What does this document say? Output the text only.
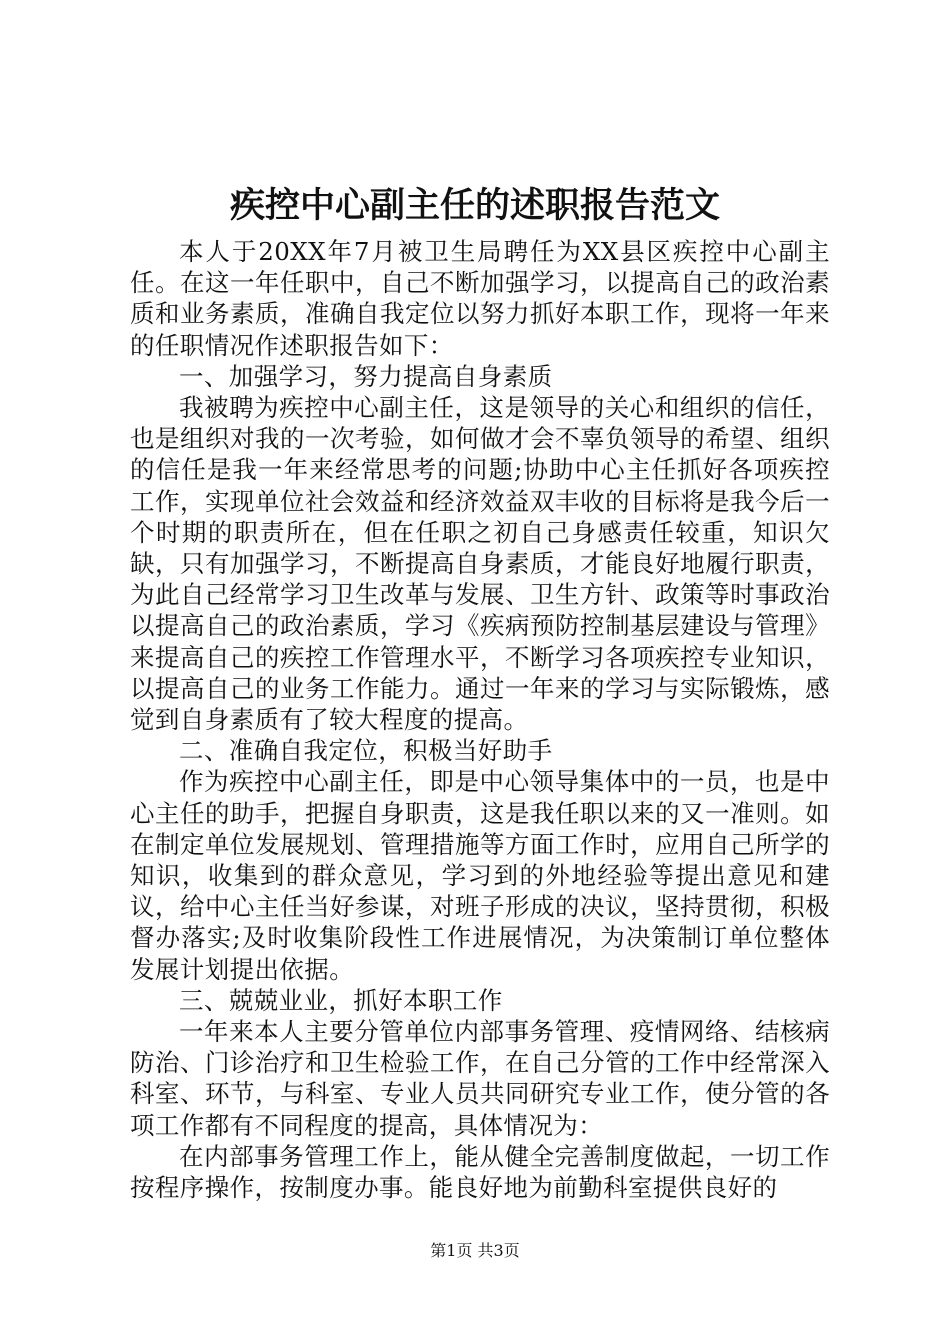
疾控中心副主任的述职报告范文

本人于20XX年7月被卫生局聘任为XX县区疾控中心副主任。在这一年任职中，自己不断加强学习，以提高自己的政治素质和业务素质，准确自我定位以努力抓好本职工作，现将一年来的任职情况作述职报告如下：

一、加强学习，努力提高自身素质

我被聘为疾控中心副主任，这是领导的关心和组织的信任，也是组织对我的一次考验，如何做才会不辜负领导的希望、组织的信任是我一年来经常思考的问题;协助中心主任抓好各项疾控工作，实现单位社会效益和经济效益双丰收的目标将是我今后一个时期的职责所在，但在任职之初自己身感责任较重，知识欠缺，只有加强学习，不断提高自身素质，才能良好地履行职责，为此自己经常学习卫生改革与发展、卫生方针、政策等时事政治以提高自己的政治素质，学习《疾病预防控制基层建设与管理》来提高自己的疾控工作管理水平，不断学习各项疾控专业知识，以提高自己的业务工作能力。通过一年来的学习与实际锻炼，感觉到自身素质有了较大程度的提高。

二、准确自我定位，积极当好助手

作为疾控中心副主任，即是中心领导集体中的一员，也是中心主任的助手，把握自身职责，这是我任职以来的又一准则。如在制定单位发展规划、管理措施等方面工作时，应用自己所学的知识，收集到的群众意见，学习到的外地经验等提出意见和建议，给中心主任当好参谋，对班子形成的决议，坚持贯彻，积极督办落实;及时收集阶段性工作进展情况，为决策制订单位整体发展计划提出依据。

三、兢兢业业，抓好本职工作

一年来本人主要分管单位内部事务管理、疫情网络、结核病防治、门诊治疗和卫生检验工作，在自己分管的工作中经常深入科室、环节，与科室、专业人员共同研究专业工作，使分管的各项工作都有不同程度的提高，具体情况为：

在内部事务管理工作上，能从健全完善制度做起，一切工作按程序操作，按制度办事。能良好地为前勤科室提供良好的

第1页 共3页
